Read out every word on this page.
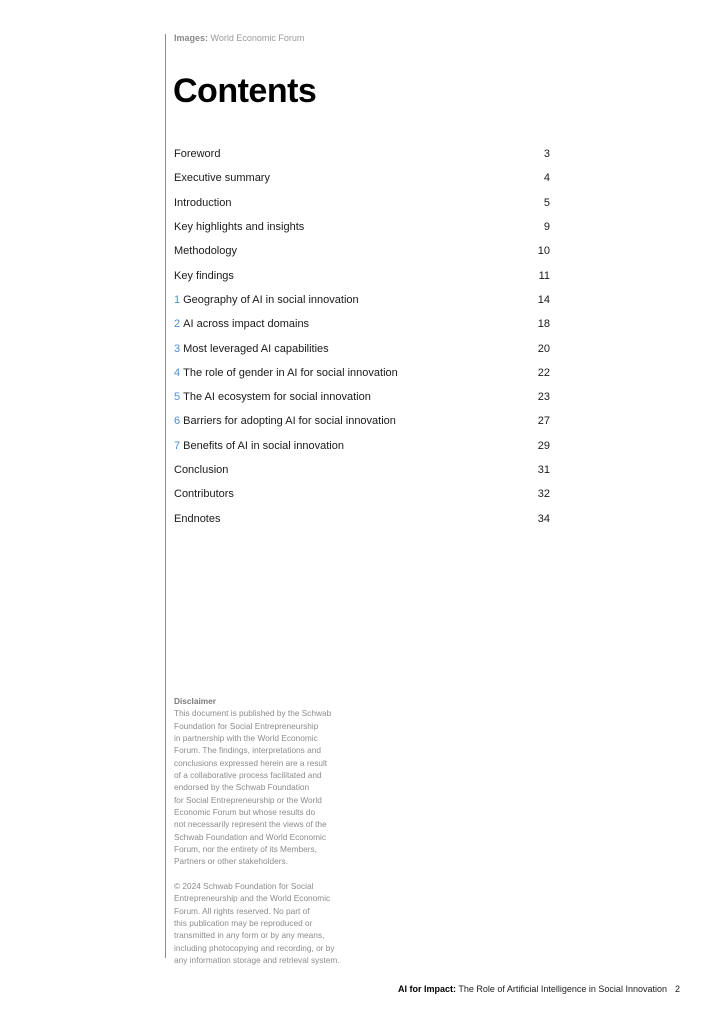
Images: World Economic Forum
Contents
Foreword	3
Executive summary	4
Introduction	5
Key highlights and insights	9
Methodology	10
Key findings	11
1 Geography of AI in social innovation	14
2 AI across impact domains	18
3 Most leveraged AI capabilities	20
4 The role of gender in AI for social innovation	22
5 The AI ecosystem for social innovation	23
6 Barriers for adopting AI for social innovation	27
7 Benefits of AI in social innovation	29
Conclusion	31
Contributors	32
Endnotes	34
Disclaimer

This document is published by the Schwab

Foundation for Social Entrepreneurship

in partnership with the World Economic

Forum. The findings, interpretations and

conclusions expressed herein are a result

of a collaborative process facilitated and

endorsed by the Schwab Foundation

for Social Entrepreneurship or the World

Economic Forum but whose results do

not necessarily represent the views of the

Schwab Foundation and World Economic

Forum, nor the entirety of its Members,

Partners or other stakeholders.

© 2024 Schwab Foundation for Social

Entrepreneurship and the World Economic

Forum. All rights reserved. No part of

this publication may be reproduced or

transmitted in any form or by any means,

including photocopying and recording, or by

any information storage and retrieval system.

AI for Impact: The Role of Artificial Intelligence in Social Innovation 2
